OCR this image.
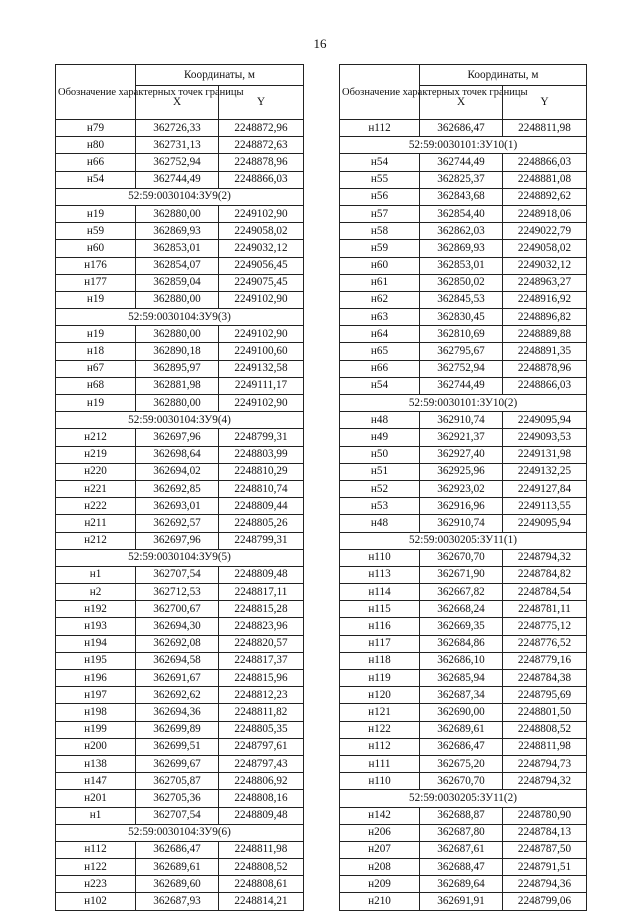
16
Обозначение характерных точек границы	Координаты, м	
	X	Y
н79	362726,33	2248872,96
н80	362731,13	2248872,63
н66	362752,94	2248878,96
н54	362744,49	2248866,03
52:59:0030104:ЗУ9(2)		
н19	362880,00	2249102,90
н59	362869,93	2249058,02
н60	362853,01	2249032,12
н176	362854,07	2249056,45
н177	362859,04	2249075,45
н19	362880,00	2249102,90
52:59:0030104:ЗУ9(3)		
н19	362880,00	2249102,90
н18	362890,18	2249100,60
н67	362895,97	2249132,58
н68	362881,98	2249111,17
н19	362880,00	2249102,90
52:59:0030104:ЗУ9(4)		
н212	362697,96	2248799,31
н219	362698,64	2248803,99
н220	362694,02	2248810,29
н221	362692,85	2248810,74
н222	362693,01	2248809,44
н211	362692,57	2248805,26
н212	362697,96	2248799,31
52:59:0030104:ЗУ9(5)		
н1	362707,54	2248809,48
н2	362712,53	2248817,11
н192	362700,67	2248815,28
н193	362694,30	2248823,96
н194	362692,08	2248820,57
н195	362694,58	2248817,37
н196	362691,67	2248815,96
н197	362692,62	2248812,23
н198	362694,36	2248811,82
н199	362699,89	2248805,35
н200	362699,51	2248797,61
н138	362699,67	2248797,43
н147	362705,87	2248806,92
н201	362705,36	2248808,16
н1	362707,54	2248809,48
52:59:0030104:ЗУ9(6)		
н112	362686,47	2248811,98
н122	362689,61	2248808,52
н223	362689,60	2248808,61
н102	362687,93	2248814,21
Обозначение характерных точек границы	Координаты, м	
	X	Y
н112	362686,47	2248811,98
52:59:0030101:ЗУ10(1)		
н54	362744,49	2248866,03
н55	362825,37	2248881,08
н56	362843,68	2248892,62
н57	362854,40	2248918,06
н58	362862,03	2249022,79
н59	362869,93	2249058,02
н60	362853,01	2249032,12
н61	362850,02	2248963,27
н62	362845,53	2248916,92
н63	362830,45	2248896,82
н64	362810,69	2248889,88
н65	362795,67	2248891,35
н66	362752,94	2248878,96
н54	362744,49	2248866,03
52:59:0030101:ЗУ10(2)		
н48	362910,74	2249095,94
н49	362921,37	2249093,53
н50	362927,40	2249131,98
н51	362925,96	2249132,25
н52	362923,02	2249127,84
н53	362916,96	2249113,55
н48	362910,74	2249095,94
52:59:0030205:ЗУ11(1)		
н110	362670,70	2248794,32
н113	362671,90	2248784,82
н114	362667,82	2248784,54
н115	362668,24	2248781,11
н116	362669,35	2248775,12
н117	362684,86	2248776,52
н118	362686,10	2248779,16
н119	362685,94	2248784,38
н120	362687,34	2248795,69
н121	362690,00	2248801,50
н122	362689,61	2248808,52
н112	362686,47	2248811,98
н111	362675,20	2248794,73
н110	362670,70	2248794,32
52:59:0030205:ЗУ11(2)		
н142	362688,87	2248780,90
н206	362687,80	2248784,13
н207	362687,61	2248787,50
н208	362688,47	2248791,51
н209	362689,64	2248794,36
н210	362691,91	2248799,06
